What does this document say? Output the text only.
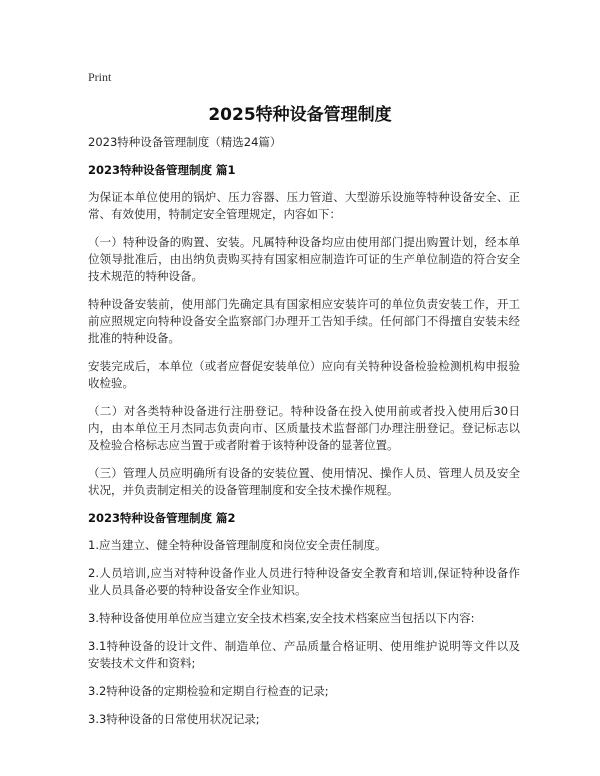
Print
2025特种设备管理制度

2023特种设备管理制度（精选24篇）

2023特种设备管理制度 篇1

为保证本单位使用的锅炉、压力容器、压力管道、大型游乐设施等特种设备安全、正常、有效使用，特制定安全管理规定，内容如下：

（一）特种设备的购置、安装。凡属特种设备均应由使用部门提出购置计划，经本单位领导批准后，由出纳负责购买持有国家相应制造许可证的生产单位制造的符合安全技术规范的特种设备。

特种设备安装前，使用部门先确定具有国家相应安装许可的单位负责安装工作，开工前应照规定向特种设备安全监察部门办理开工告知手续。任何部门不得擅自安装未经批准的特种设备。

安装完成后，本单位（或者应督促安装单位）应向有关特种设备检验检测机构申报验收检验。

（二）对各类特种设备进行注册登记。特种设备在投入使用前或者投入使用后30日内，由本单位王月杰同志负责向市、区质量技术监督部门办理注册登记。登记标志以及检验合格标志应当置于或者附着于该特种设备的显著位置。

（三）管理人员应明确所有设备的安装位置、使用情况、操作人员、管理人员及安全状况，并负责制定相关的设备管理制度和安全技术操作规程。

2023特种设备管理制度 篇2

1.应当建立、健全特种设备管理制度和岗位安全责任制度。

2.人员培训,应当对特种设备作业人员进行特种设备安全教育和培训,保证特种设备作业人员具备必要的特种设备安全作业知识。

3.特种设备使用单位应当建立安全技术档案,安全技术档案应当包括以下内容:

3.1特种设备的设计文件、制造单位、产品质量合格证明、使用维护说明等文件以及安装技术文件和资料;

3.2特种设备的定期检验和定期自行检查的记录;

3.3特种设备的日常使用状况记录;
